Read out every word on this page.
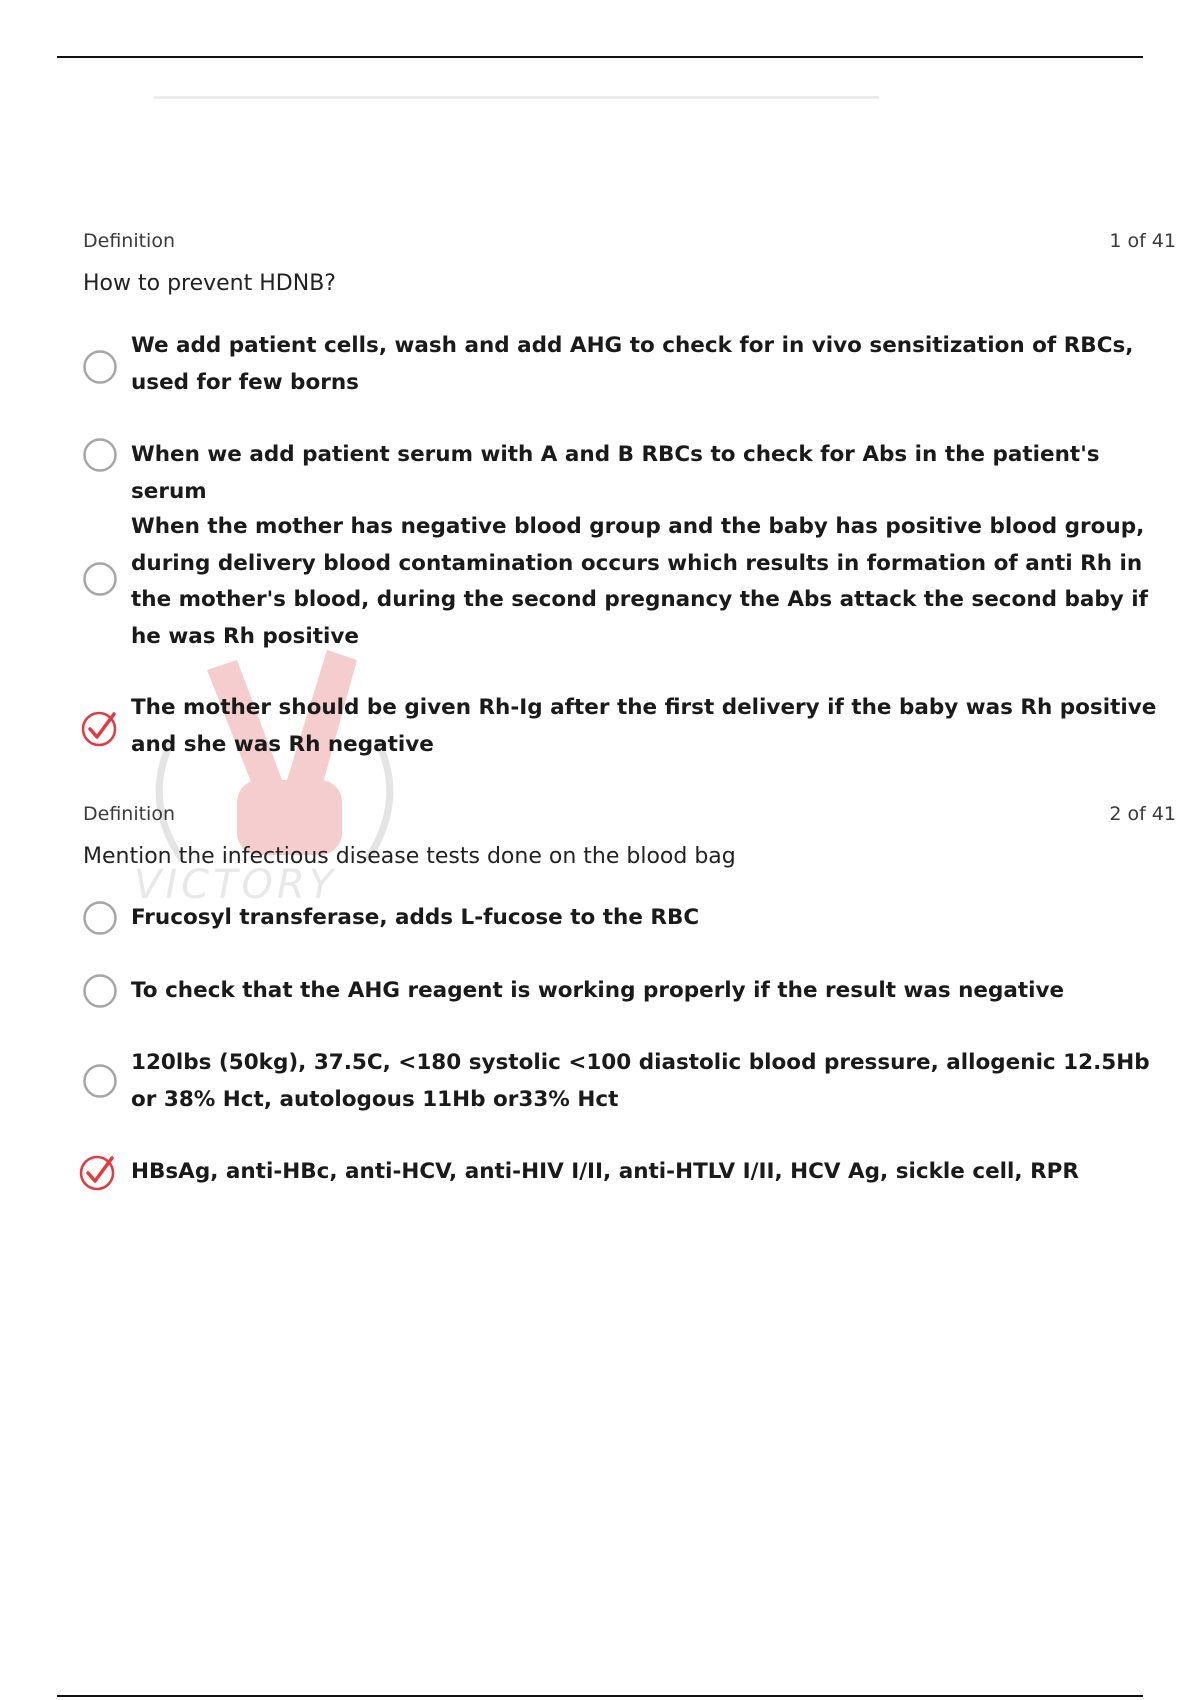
VICTORY
Definition	1 of 41
How to prevent HDNB?
We add patient cells, wash and add AHG to check for in vivo sensitization of RBCs, used for few borns
When we add patient serum with A and B RBCs to check for Abs in the patient's serum
When the mother has negative blood group and the baby has positive blood group, during delivery blood contamination occurs which results in formation of anti Rh in the mother's blood, during the second pregnancy the Abs attack the second baby if he was Rh positive
The mother should be given Rh-Ig after the first delivery if the baby was Rh positive and she was Rh negative
Definition	2 of 41
Mention the infectious disease tests done on the blood bag
Frucosyl transferase, adds L-fucose to the RBC
To check that the AHG reagent is working properly if the result was negative
120lbs (50kg), 37.5C, <180 systolic <100 diastolic blood pressure, allogenic 12.5Hb or 38% Hct, autologous 11Hb or33% Hct
HBsAg, anti-HBc, anti-HCV, anti-HIV I/II, anti-HTLV I/II, HCV Ag, sickle cell, RPR
